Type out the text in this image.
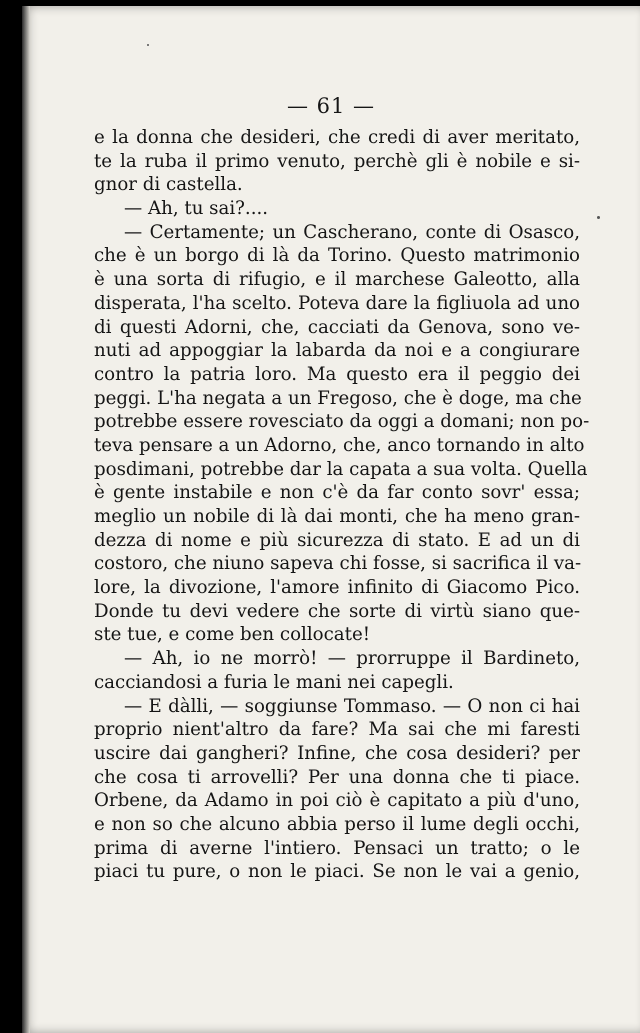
— 61 —
e la donna che desideri, che credi di aver meritato,
te la ruba il primo venuto, perchè gli è nobile e si-
gnor di castella.
— Ah, tu sai?....
— Certamente; un Cascherano, conte di Osasco,
che è un borgo di là da Torino. Questo matrimonio
è una sorta di rifugio, e il marchese Galeotto, alla
disperata, l'ha scelto. Poteva dare la figliuola ad uno
di questi Adorni, che, cacciati da Genova, sono ve-
nuti ad appoggiar la labarda da noi e a congiurare
contro la patria loro. Ma questo era il peggio dei
peggi. L'ha negata a un Fregoso, che è doge, ma che
potrebbe essere rovesciato da oggi a domani; non po-
teva pensare a un Adorno, che, anco tornando in alto
posdimani, potrebbe dar la capata a sua volta. Quella
è gente instabile e non c'è da far conto sovr' essa;
meglio un nobile di là dai monti, che ha meno gran-
dezza di nome e più sicurezza di stato. E ad un di
costoro, che niuno sapeva chi fosse, si sacrifica il va-
lore, la divozione, l'amore infinito di Giacomo Pico.
Donde tu devi vedere che sorte di virtù siano que-
ste tue, e come ben collocate!
— Ah, io ne morrò! — prorruppe il Bardineto,
cacciandosi a furia le mani nei capegli.
— E dàlli, — soggiunse Tommaso. — O non ci hai
proprio nient'altro da fare? Ma sai che mi faresti
uscire dai gangheri? Infine, che cosa desideri? per
che cosa ti arrovelli? Per una donna che ti piace.
Orbene, da Adamo in poi ciò è capitato a più d'uno,
e non so che alcuno abbia perso il lume degli occhi,
prima di averne l'intiero. Pensaci un tratto; o le
piaci tu pure, o non le piaci. Se non le vai a genio,
